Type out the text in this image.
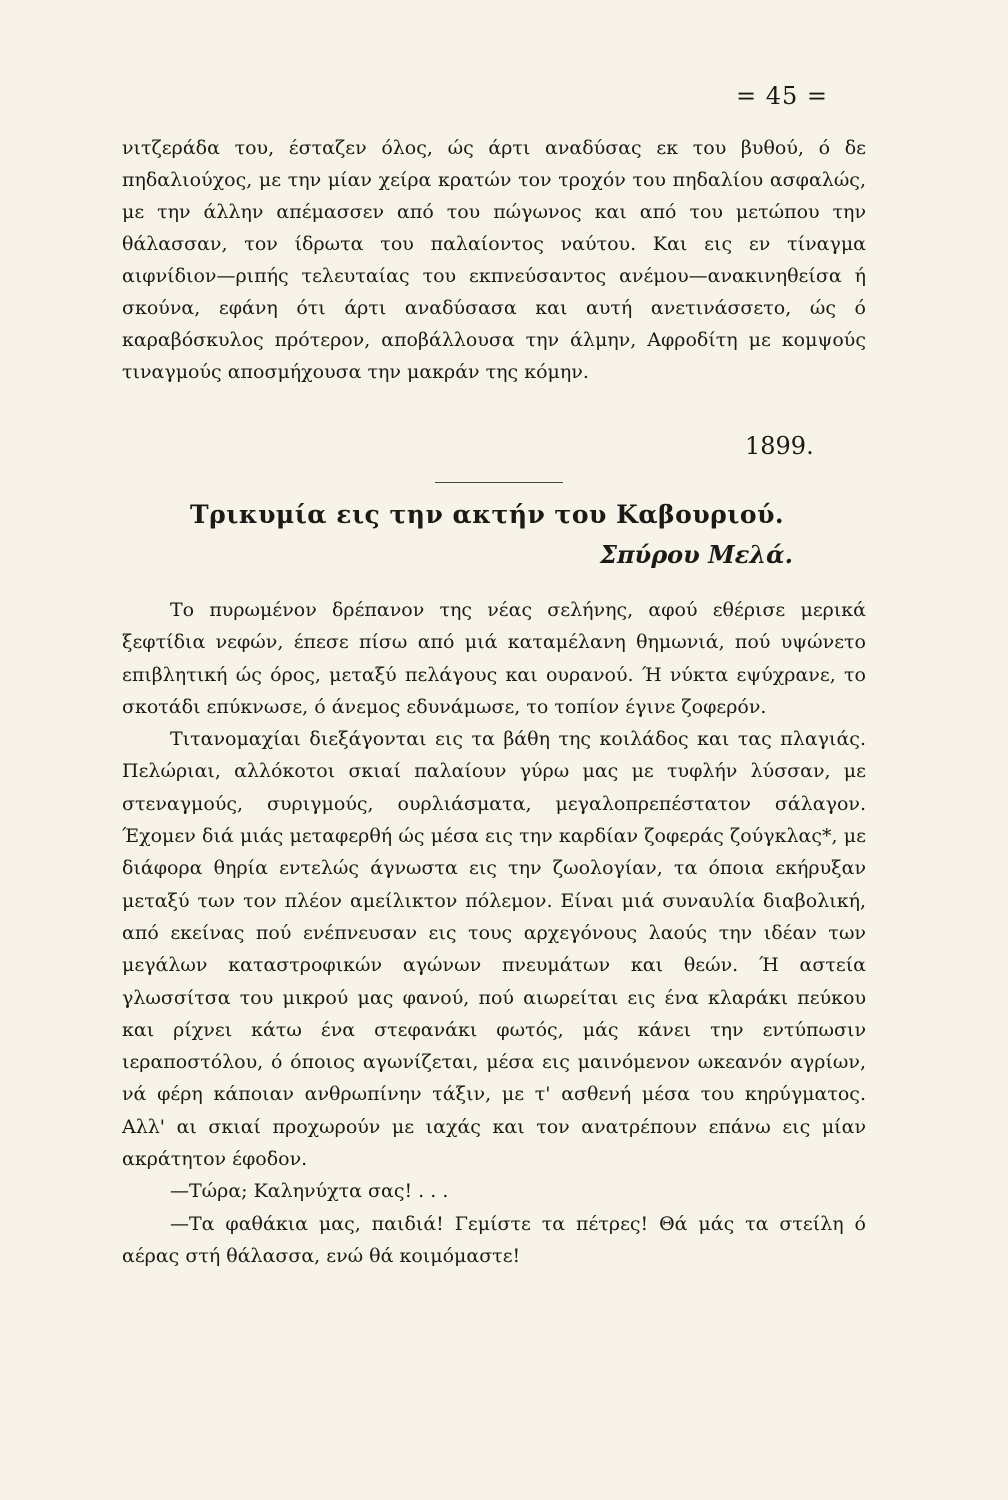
= 45 =
νιτζεράδα του, έσταζεν όλος, ώς άρτι αναδύσας εκ του βυθού, ό δε πηδαλιούχος, με την μίαν χείρα κρατών τον τροχόν του πηδαλίου ασφαλώς, με την άλλην απέμασσεν από του πώγωνος και από του μετώπου την θάλασσαν, τον ίδρωτα του παλαίοντος ναύτου. Και εις εν τίναγμα αιφνίδιον—ριπής τελευταίας του εκπνεύσαντος ανέμου—ανακινηθείσα ή σκούνα, εφάνη ότι άρτι αναδύσασα και αυτή ανετινάσσετο, ώς ό καραβόσκυλος πρότερον, αποβάλλουσα την άλμην, Αφροδίτη με κομψούς τιναγμούς αποσμήχουσα την μακράν της κόμην.
1899.
Τρικυμία εις την ακτήν του Καβουριού.
Σπύρου Μελά.

Το πυρωμένον δρέπανον της νέας σελήνης, αφού εθέρισε μερικά ξεφτίδια νεφών, έπεσε πίσω από μιά καταμέλανη θημωνιά, πού υψώνετο επιβλητική ώς όρος, μεταξύ πελάγους και ουρανού. Ή νύκτα εψύχρανε, το σκοτάδι επύκνωσε, ό άνεμος εδυνάμωσε, το τοπίον έγινε ζοφερόν.

Τιτανομαχίαι διεξάγονται εις τα βάθη της κοιλάδος και τας πλαγιάς. Πελώριαι, αλλόκοτοι σκιαί παλαίουν γύρω μας με τυφλήν λύσσαν, με στεναγμούς, συριγμούς, ουρλιάσματα, μεγαλοπρεπέστατον σάλαγον. Έχομεν διά μιάς μεταφερθή ώς μέσα εις την καρδίαν ζοφεράς ζούγκλας*, με διάφορα θηρία εντελώς άγνωστα εις την ζωολογίαν, τα όποια εκήρυξαν μεταξύ των τον πλέον αμείλικτον πόλεμον. Είναι μιά συναυλία διαβολική, από εκείνας πού ενέπνευσαν εις τους αρχεγόνους λαούς την ιδέαν των μεγάλων καταστροφικών αγώνων πνευμάτων και θεών. Ή αστεία γλωσσίτσα του μικρού μας φανού, πού αιωρείται εις ένα κλαράκι πεύκου και ρίχνει κάτω ένα στεφανάκι φωτός, μάς κάνει την εντύπωσιν ιεραποστόλου, ό όποιος αγωνίζεται, μέσα εις μαινόμενον ωκεανόν αγρίων, νά φέρη κάποιαν ανθρωπίνην τάξιν, με τ' ασθενή μέσα του κηρύγματος. Αλλ' αι σκιαί προχωρούν με ιαχάς και τον ανατρέπουν επάνω εις μίαν ακράτητον έφοδον.

—Τώρα; Καληνύχτα σας! . . .

—Τα φαθάκια μας, παιδιά! Γεμίστε τα πέτρες! Θά μάς τα στείλη ό αέρας στή θάλασσα, ενώ θά κοιμόμαστε!
